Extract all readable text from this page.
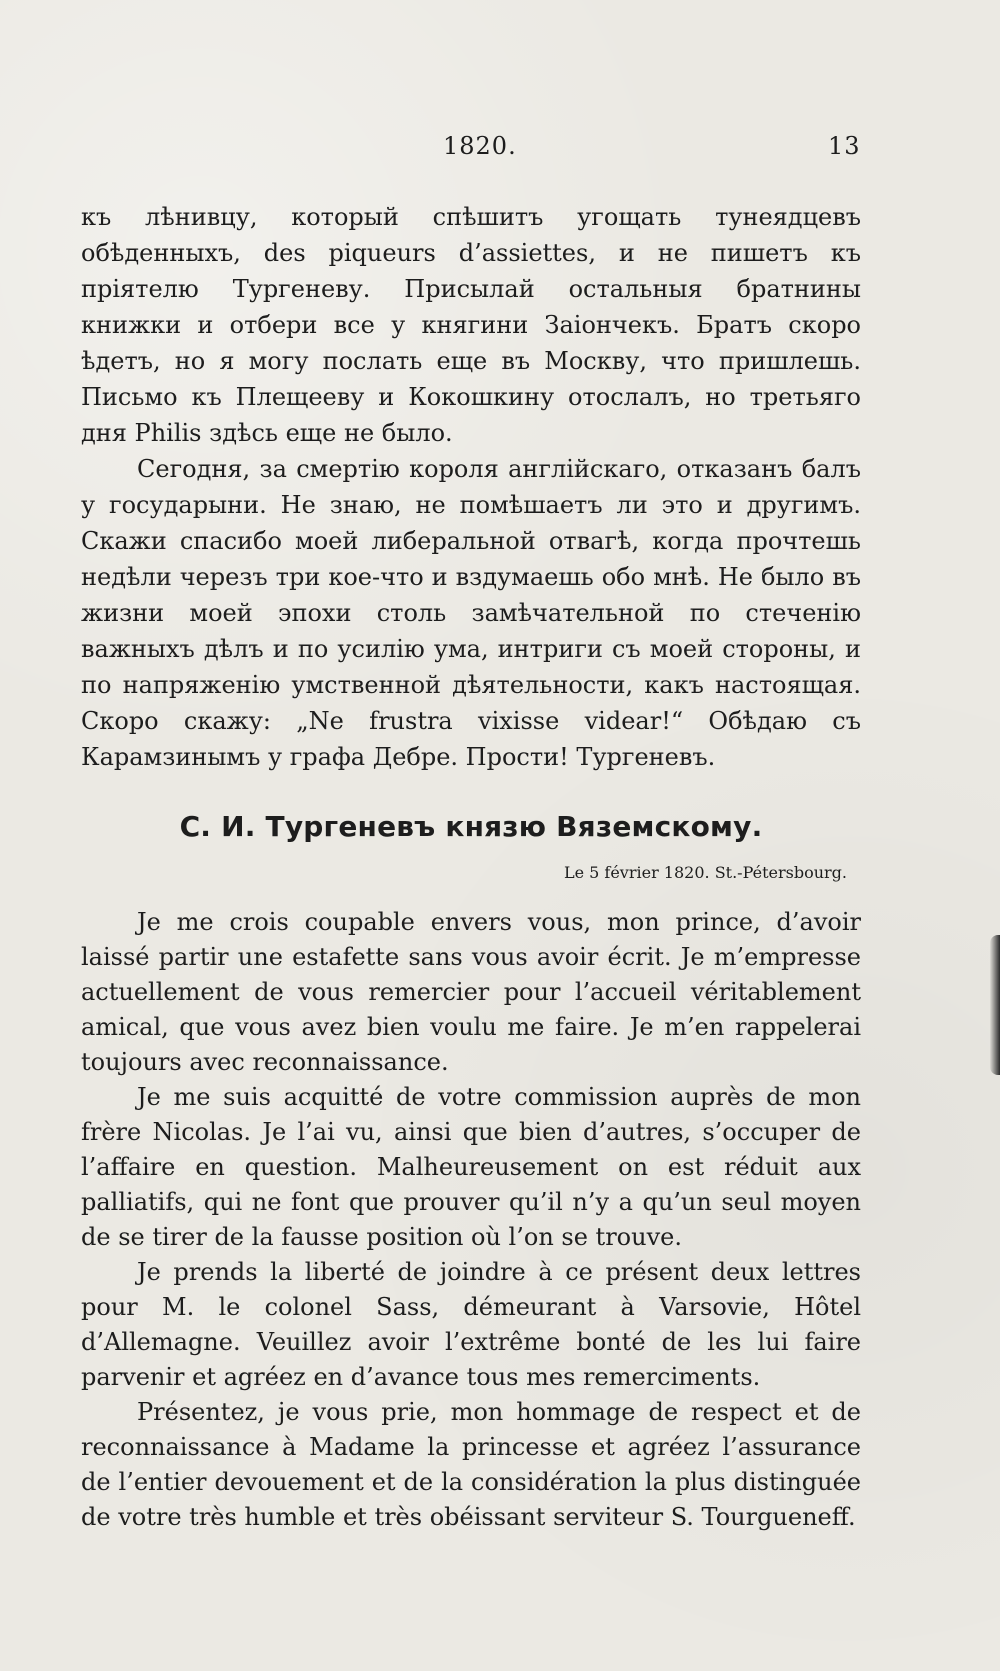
1820.	13

къ лѣнивцу, который спѣшитъ угощать тунеядцевъ обѣденныхъ, des piqueurs d’assiettes, и не пишетъ къ пріятелю Тургеневу. Присылай остальныя братнины книжки и отбери все у княгини Заіончекъ. Братъ скоро ѣдетъ, но я могу послать еще въ Москву, что пришлешь. Письмо къ Плещееву и Кокошкину отослалъ, но третьяго дня Philis здѣсь еще не было.

Сегодня, за смертію короля англійскаго, отказанъ балъ у государыни. Не знаю, не помѣшаетъ ли это и другимъ. Скажи спасибо моей либеральной отвагѣ, когда прочтешь недѣли черезъ три кое-что и вздумаешь обо мнѣ. Не было въ жизни моей эпохи столь замѣчательной по стеченію важныхъ дѣлъ и по усилію ума, интриги съ моей стороны, и по напряженію умственной дѣятельности, какъ настоящая. Скоро скажу: „Ne frustra vixisse videar!“ Обѣдаю съ Карамзинымъ у графа Дебре. Прости! Тургеневъ.

С. И. Тургеневъ князю Вяземскому.
Le 5 février 1820. St.-Pétersbourg.

Je me crois coupable envers vous, mon prince, d’avoir laissé partir une estafette sans vous avoir écrit. Je m’empresse actuellement de vous remercier pour l’accueil véritablement amical, que vous avez bien voulu me faire. Je m’en rappelerai toujours avec reconnaissance.

Je me suis acquitté de votre commission auprès de mon frère Nicolas. Je l’ai vu, ainsi que bien d’autres, s’occuper de l’affaire en question. Malheureusement on est réduit aux palliatifs, qui ne font que prouver qu’il n’y a qu’un seul moyen de se tirer de la fausse position où l’on se trouve.

Je prends la liberté de joindre à ce présent deux lettres pour M. le colonel Sass, démeurant à Varsovie, Hôtel d’Allemagne. Veuillez avoir l’extrême bonté de les lui faire parvenir et agréez en d’avance tous mes remerciments.

Présentez, je vous prie, mon hommage de respect et de reconnaissance à Madame la princesse et agréez l’assurance de l’entier devouement et de la considération la plus distinguée de votre très humble et très obéissant serviteur S. Tourgueneff.
